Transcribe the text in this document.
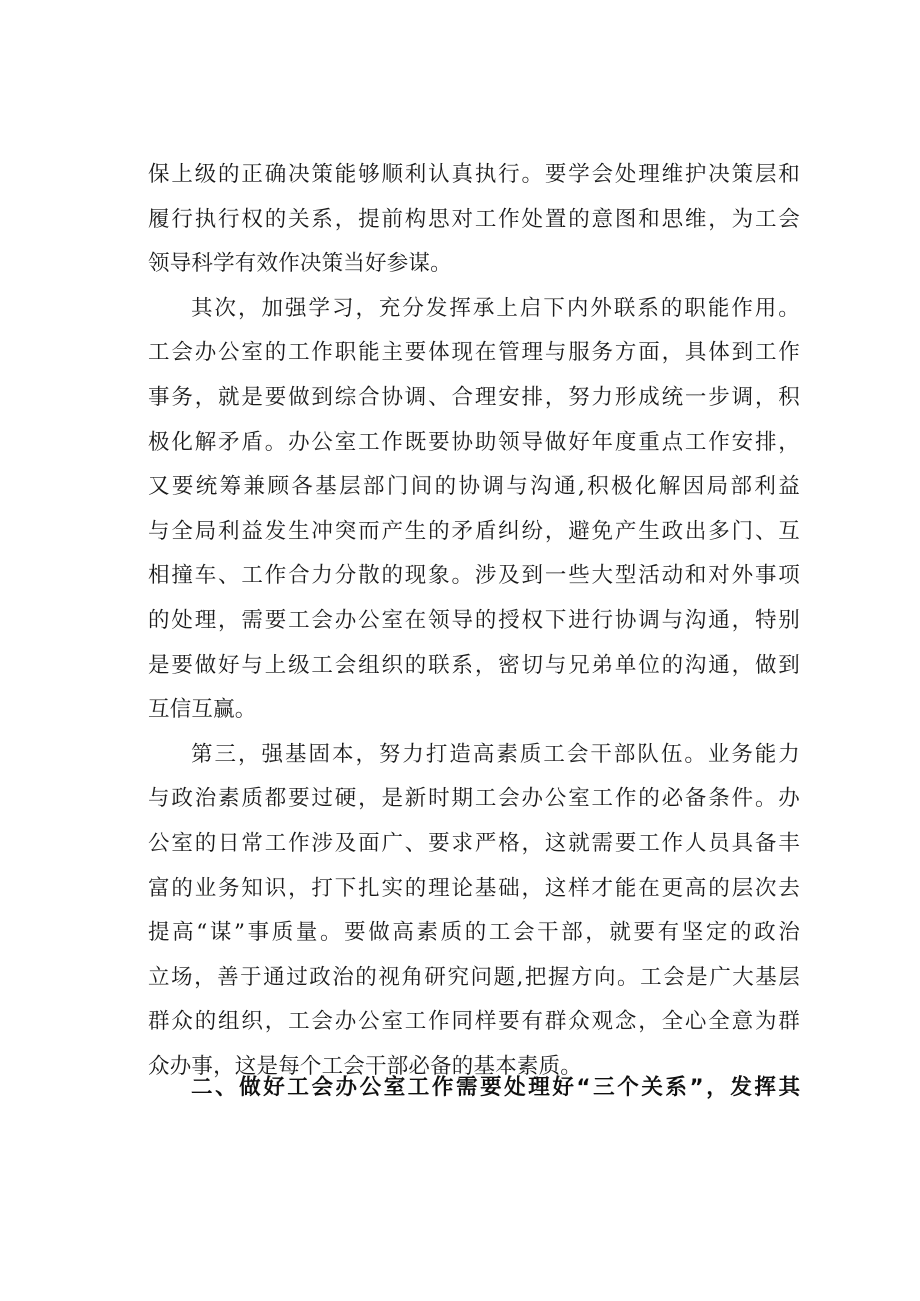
保上级的正确决策能够顺利认真执行。要学会处理维护决策层和
履行执行权的关系，提前构思对工作处置的意图和思维，为工会
领导科学有效作决策当好参谋。
其次，加强学习，充分发挥承上启下内外联系的职能作用。
工会办公室的工作职能主要体现在管理与服务方面，具体到工作
事务，就是要做到综合协调、合理安排，努力形成统一步调，积
极化解矛盾。办公室工作既要协助领导做好年度重点工作安排，
又要统筹兼顾各基层部门间的协调与沟通,积极化解因局部利益
与全局利益发生冲突而产生的矛盾纠纷，避免产生政出多门、互
相撞车、工作合力分散的现象。涉及到一些大型活动和对外事项
的处理，需要工会办公室在领导的授权下进行协调与沟通，特别
是要做好与上级工会组织的联系，密切与兄弟单位的沟通，做到
互信互赢。
第三，强基固本，努力打造高素质工会干部队伍。业务能力
与政治素质都要过硬，是新时期工会办公室工作的必备条件。办
公室的日常工作涉及面广、要求严格，这就需要工作人员具备丰
富的业务知识，打下扎实的理论基础，这样才能在更高的层次去
提高“谋”事质量。要做高素质的工会干部，就要有坚定的政治
立场，善于通过政治的视角研究问题,把握方向。工会是广大基层
群众的组织，工会办公室工作同样要有群众观念，全心全意为群
众办事，这是每个工会干部必备的基本素质。
二、做好工会办公室工作需要处理好“三个关系”，发挥其
